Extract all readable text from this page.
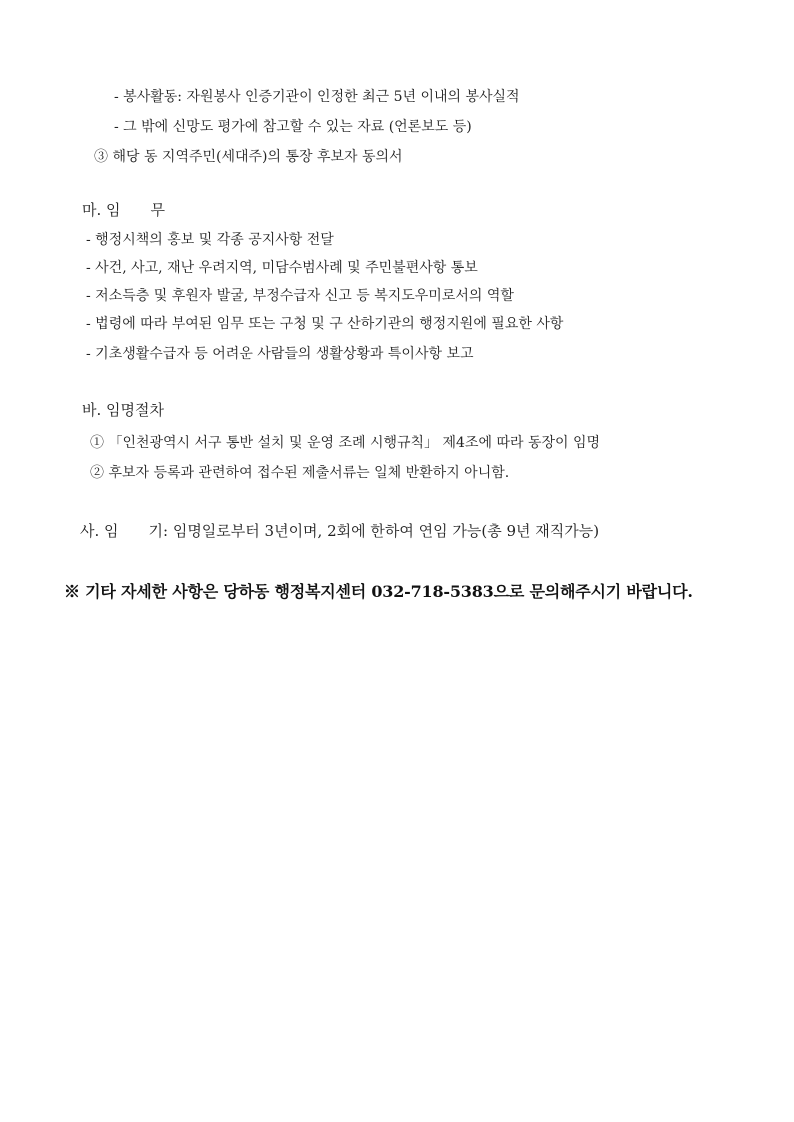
- 봉사활동: 자원봉사 인증기관이 인정한 최근 5년 이내의 봉사실적
- 그 밖에 신망도 평가에 참고할 수 있는 자료 (언론보도 등)
③ 해당 동 지역주민(세대주)의 통장 후보자 동의서
마. 임　　무
- 행정시책의 홍보 및 각종 공지사항 전달
- 사건, 사고, 재난 우려지역, 미담수범사례 및 주민불편사항 통보
- 저소득층 및 후원자 발굴, 부정수급자 신고 등 복지도우미로서의 역할
- 법령에 따라 부여된 임무 또는 구청 및 구 산하기관의 행정지원에 필요한 사항
- 기초생활수급자 등 어려운 사람들의 생활상황과 특이사항 보고
바. 임명절차
① 「인천광역시 서구 통반 설치 및 운영 조례 시행규칙」 제4조에 따라 동장이 임명
② 후보자 등록과 관련하여 접수된 제출서류는 일체 반환하지 아니함.
사. 임　　기: 임명일로부터 3년이며, 2회에 한하여 연임 가능(총 9년 재직가능)
※ 기타 자세한 사항은 당하동 행정복지센터 032-718-5383으로 문의해주시기 바랍니다.
